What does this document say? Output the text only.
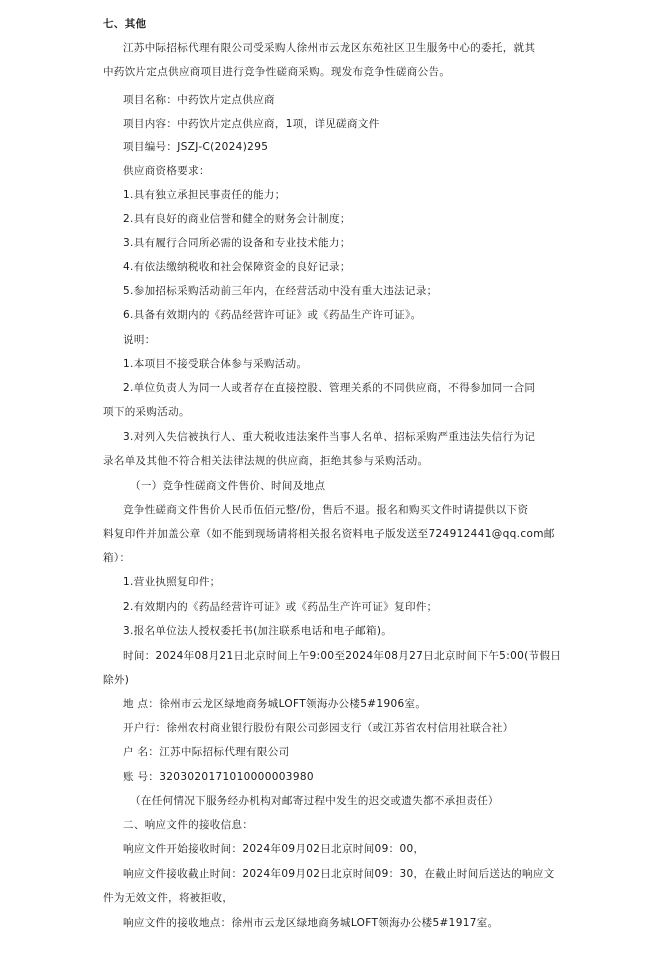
七、其他
江苏中际招标代理有限公司受采购人徐州市云龙区东苑社区卫生服务中心的委托，就其
中药饮片定点供应商项目进行竞争性磋商采购。现发布竞争性磋商公告。
项目名称：中药饮片定点供应商
项目内容：中药饮片定点供应商，1项，详见磋商文件
项目编号：JSZJ-C(2024)295
供应商资格要求：
1.具有独立承担民事责任的能力；
2.具有良好的商业信誉和健全的财务会计制度；
3.具有履行合同所必需的设备和专业技术能力；
4.有依法缴纳税收和社会保障资金的良好记录；
5.参加招标采购活动前三年内，在经营活动中没有重大违法记录；
6.具备有效期内的《药品经营许可证》或《药品生产许可证》。
说明：
1.本项目不接受联合体参与采购活动。
2.单位负责人为同一人或者存在直接控股、管理关系的不同供应商，不得参加同一合同
项下的采购活动。
3.对列入失信被执行人、重大税收违法案件当事人名单、招标采购严重违法失信行为记
录名单及其他不符合相关法律法规的供应商，拒绝其参与采购活动。
（一）竞争性磋商文件售价、时间及地点
竞争性磋商文件售价人民币伍佰元整/份，售后不退。报名和购买文件时请提供以下资
料复印件并加盖公章（如不能到现场请将相关报名资料电子版发送至724912441@qq.com邮
箱）：
1.营业执照复印件；
2.有效期内的《药品经营许可证》或《药品生产许可证》复印件；
3.报名单位法人授权委托书(加注联系电话和电子邮箱)。
时间：2024年08月21日北京时间上午9:00至2024年08月27日北京时间下午5:00(节假日
除外)
地 点：徐州市云龙区绿地商务城LOFT领海办公楼5#1906室。
开户行：徐州农村商业银行股份有限公司彭园支行（或江苏省农村信用社联合社）
户 名：江苏中际招标代理有限公司
账 号：3203020171010000003980
（在任何情况下服务经办机构对邮寄过程中发生的迟交或遗失都不承担责任）
二、响应文件的接收信息：
响应文件开始接收时间：2024年09月02日北京时间09：00，
响应文件接收截止时间：2024年09月02日北京时间09：30，在截止时间后送达的响应文
件为无效文件，将被拒收，
响应文件的接收地点：徐州市云龙区绿地商务城LOFT领海办公楼5#1917室。
